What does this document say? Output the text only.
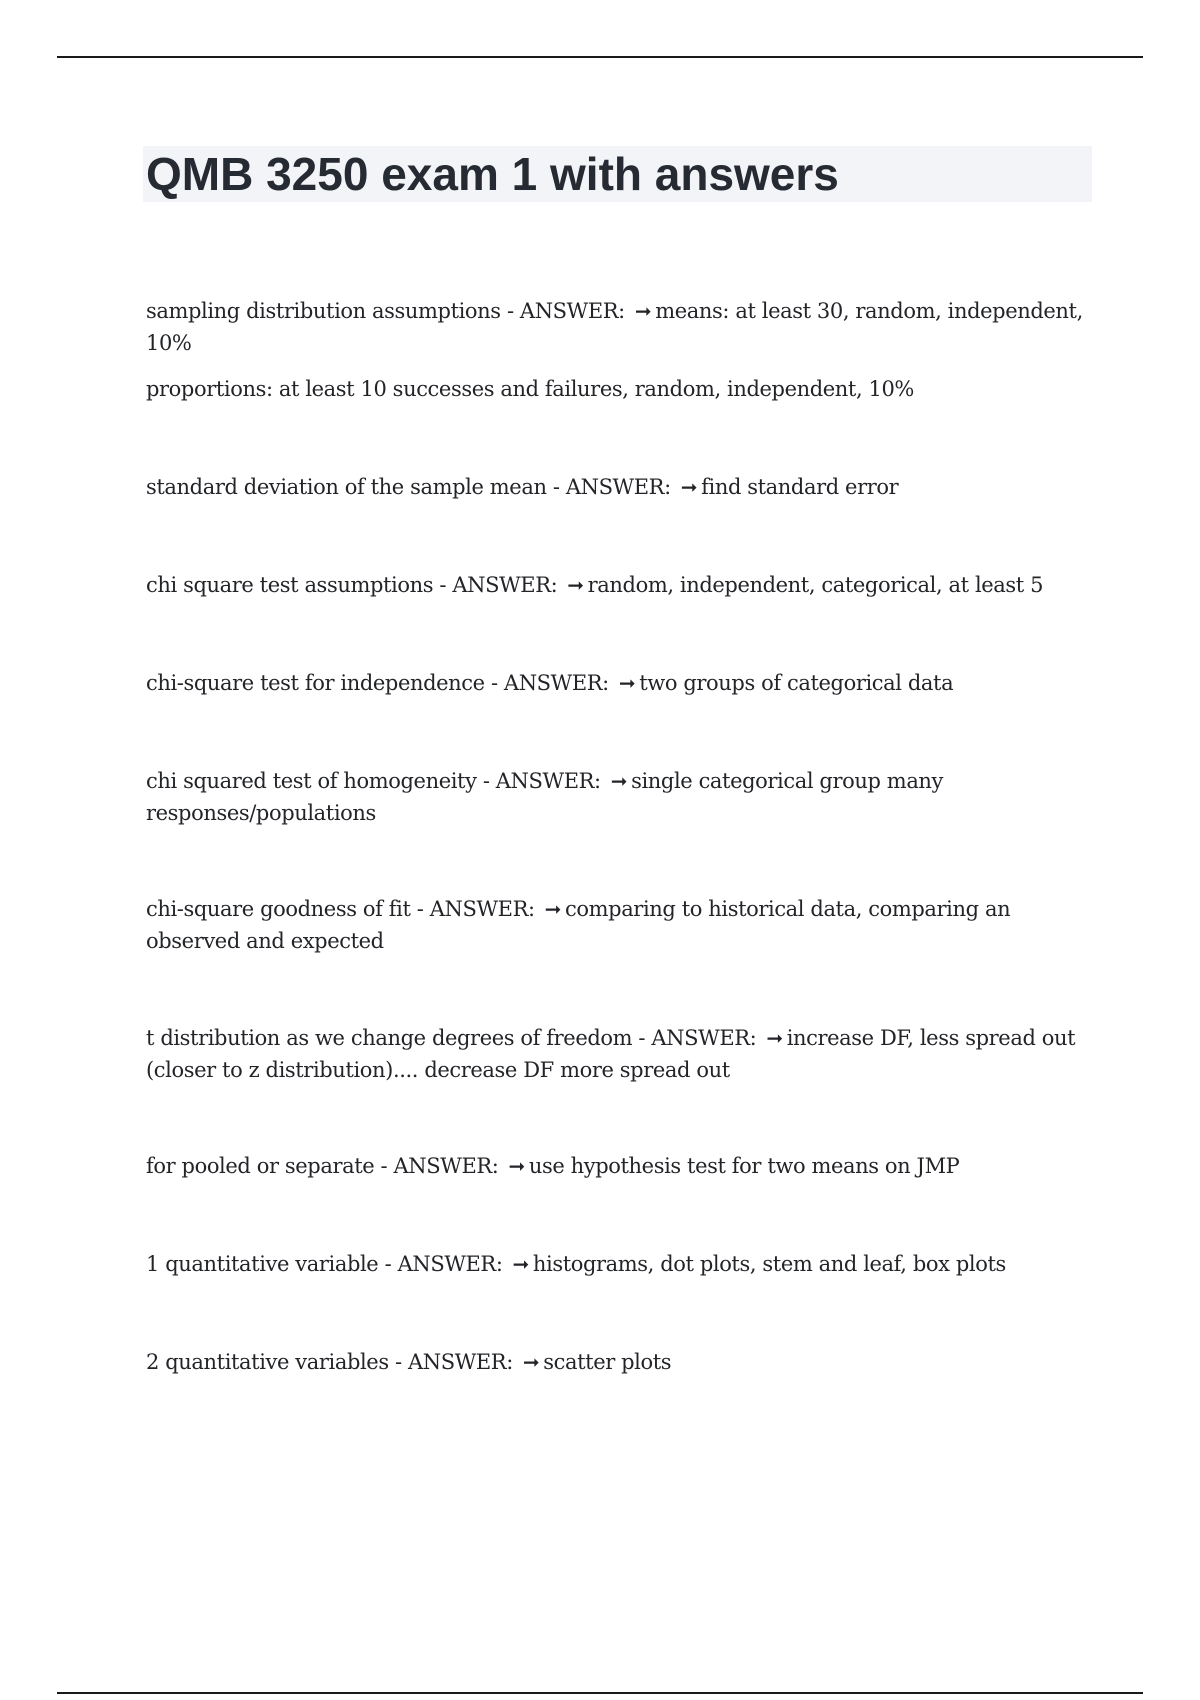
QMB 3250 exam 1 with answers
sampling distribution assumptions - ANSWER: ➞ means: at least 30, random, independent, 10%
proportions: at least 10 successes and failures, random, independent, 10%
standard deviation of the sample mean - ANSWER: ➞ find standard error
chi square test assumptions - ANSWER: ➞ random, independent, categorical, at least 5
chi-square test for independence - ANSWER: ➞ two groups of categorical data
chi squared test of homogeneity - ANSWER: ➞ single categorical group many responses/populations
chi-square goodness of fit - ANSWER: ➞ comparing to historical data, comparing an observed and expected
t distribution as we change degrees of freedom - ANSWER: ➞ increase DF, less spread out (closer to z distribution).... decrease DF more spread out
for pooled or separate - ANSWER: ➞ use hypothesis test for two means on JMP
1 quantitative variable - ANSWER: ➞ histograms, dot plots, stem and leaf, box plots
2 quantitative variables - ANSWER: ➞ scatter plots
